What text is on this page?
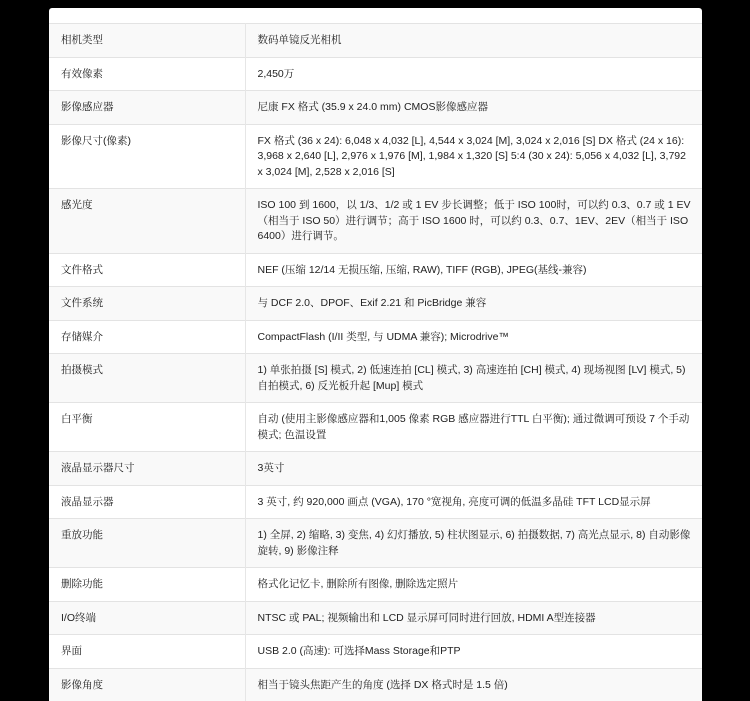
相机类型	数码单镜反光相机
有效像素	2,450万
影像感应器	尼康 FX 格式 (35.9 x 24.0 mm) CMOS影像感应器
影像尺寸(像素)	FX 格式 (36 x 24): 6,048 x 4,032 [L], 4,544 x 3,024 [M], 3,024 x 2,016 [S] DX 格式 (24 x 16): 3,968 x 2,640 [L], 2,976 x 1,976 [M], 1,984 x 1,320 [S] 5:4 (30 x 24): 5,056 x 4,032 [L], 3,792 x 3,024 [M], 2,528 x 2,016 [S]
感光度	ISO 100 到 1600，以 1/3、1/2 或 1 EV 步长调整；低于 ISO 100时，可以约 0.3、0.7 或 1 EV（相当于 ISO 50）进行调节；高于 ISO 1600 时，可以约 0.3、0.7、1EV、2EV（相当于 ISO 6400）进行调节。
文件格式	NEF (压缩 12/14 无损压缩, 压缩, RAW), TIFF (RGB), JPEG(基线-兼容)
文件系统	与 DCF 2.0、DPOF、Exif 2.21 和 PicBridge 兼容
存储媒介	CompactFlash (I/II 类型, 与 UDMA 兼容); Microdrive™
拍摄模式	1) 单张拍摄 [S] 模式, 2) 低速连拍 [CL] 模式, 3) 高速连拍 [CH] 模式, 4) 现场视图 [LV] 模式, 5) 自拍模式, 6) 反光板升起 [Mup] 模式
白平衡	自动 (使用主影像感应器和1,005 像素 RGB 感应器进行TTL 白平衡); 通过微调可预设 7 个手动模式; 色温设置
液晶显示器尺寸	3英寸
液晶显示器	3 英寸, 约 920,000 画点 (VGA), 170 °宽视角, 亮度可调的低温多晶硅 TFT LCD显示屏
重放功能	1) 全屏, 2) 缩略, 3) 变焦, 4) 幻灯播放, 5) 柱状图显示, 6) 拍摄数据, 7) 高光点显示, 8) 自动影像旋转, 9) 影像注释
删除功能	格式化记忆卡, 删除所有图像, 删除选定照片
I/O终端	NTSC 或 PAL; 视频输出和 LCD 显示屏可同时进行回放, HDMI A型连接器
界面	USB 2.0 (高速): 可选择Mass Storage和PTP
影像角度	相当于镜头焦距产生的角度 (选择 DX 格式时是 1.5 倍)
